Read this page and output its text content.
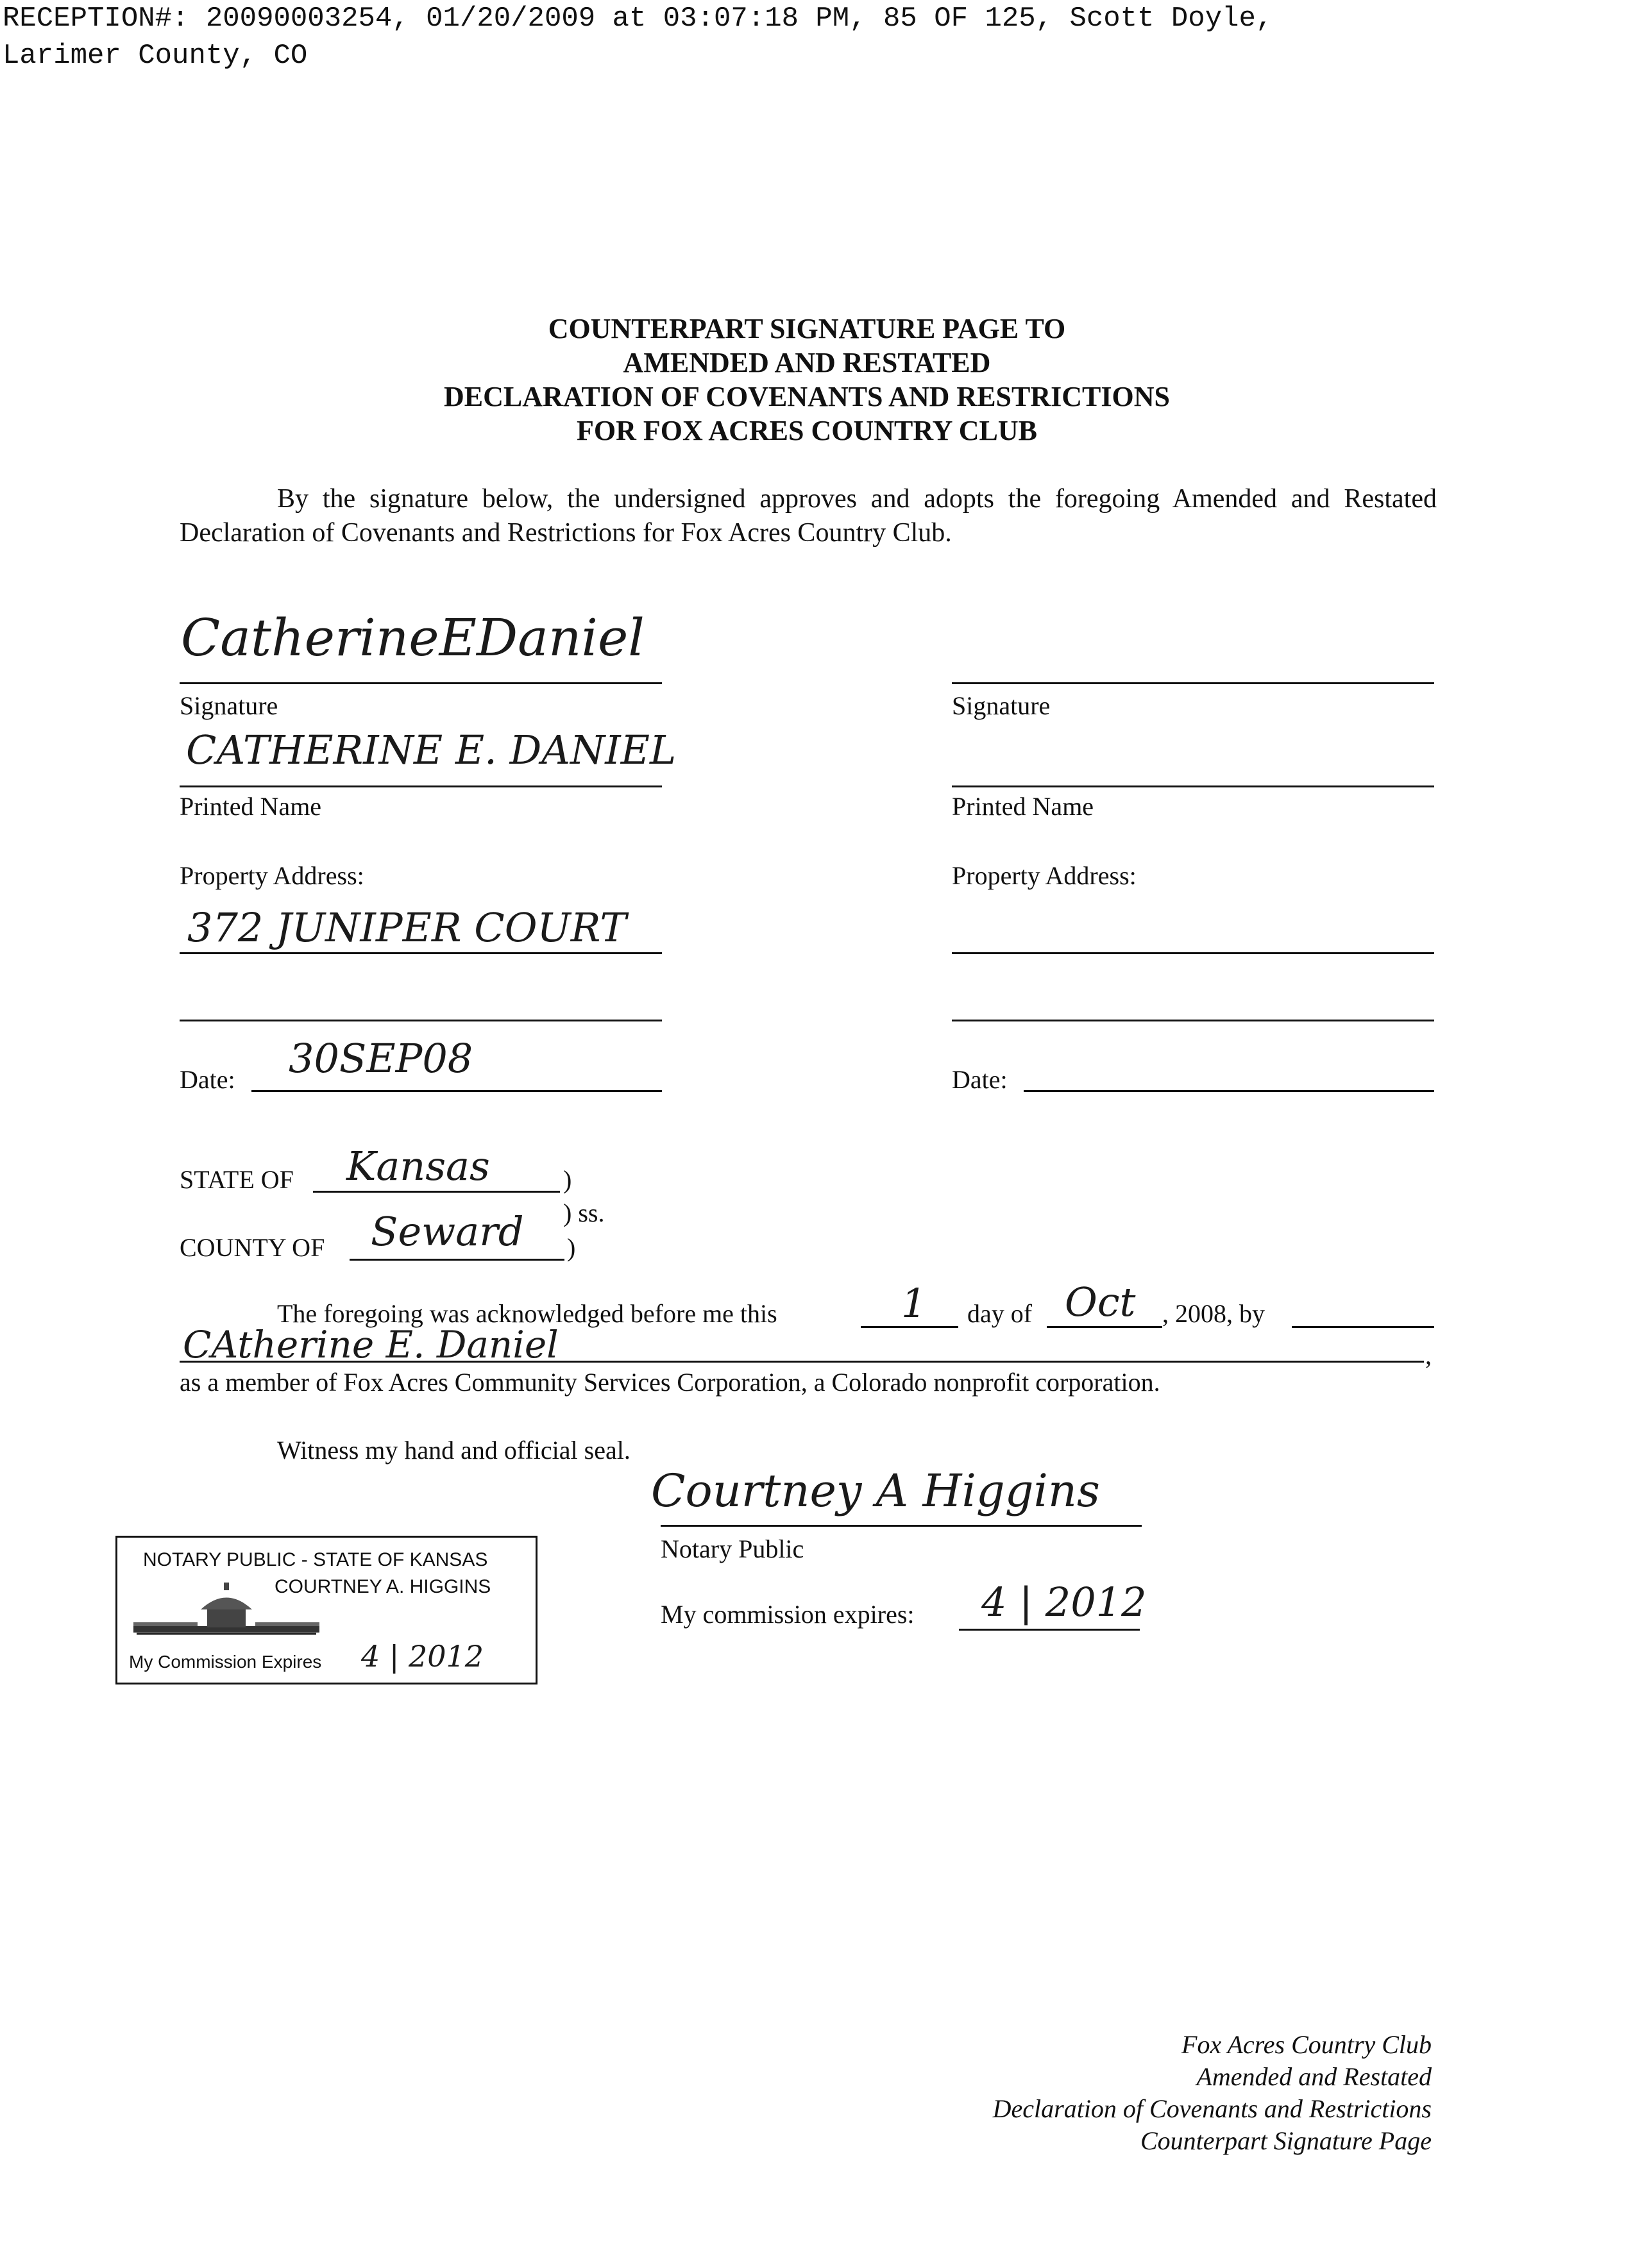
RECEPTION#: 20090003254, 01/20/2009 at 03:07:18 PM, 85 OF 125, Scott Doyle,
Larimer County, CO
COUNTERPART SIGNATURE PAGE TO
AMENDED AND RESTATED
DECLARATION OF COVENANTS AND RESTRICTIONS
FOR FOX ACRES COUNTRY CLUB
By the signature below, the undersigned approves and adopts the foregoing Amended and Restated Declaration of Covenants and Restrictions for Fox Acres Country Club.
CatherineEDaniel
Signature
CATHERINE E. DANIEL
Printed Name
Property Address:
372 JUNIPER COURT
Date: 30SEP08
Signature
Printed Name
Property Address:
Date:
STATE OF Kansas	)
) ss.
COUNTY OF Seward )
The foregoing was acknowledged before me this	1 day of Oct , 2008, by
CAtherine E. Daniel	,
as a member of Fox Acres Community Services Corporation, a Colorado nonprofit corporation.
Witness my hand and official seal.
Courtney A Higgins
Notary Public
My commission expires: 4 | 2012
NOTARY PUBLIC - STATE OF KANSAS
COURTNEY A. HIGGINS
My Commission Expires 4 | 2012
Fox Acres Country Club
Amended and Restated
Declaration of Covenants and Restrictions
Counterpart Signature Page
